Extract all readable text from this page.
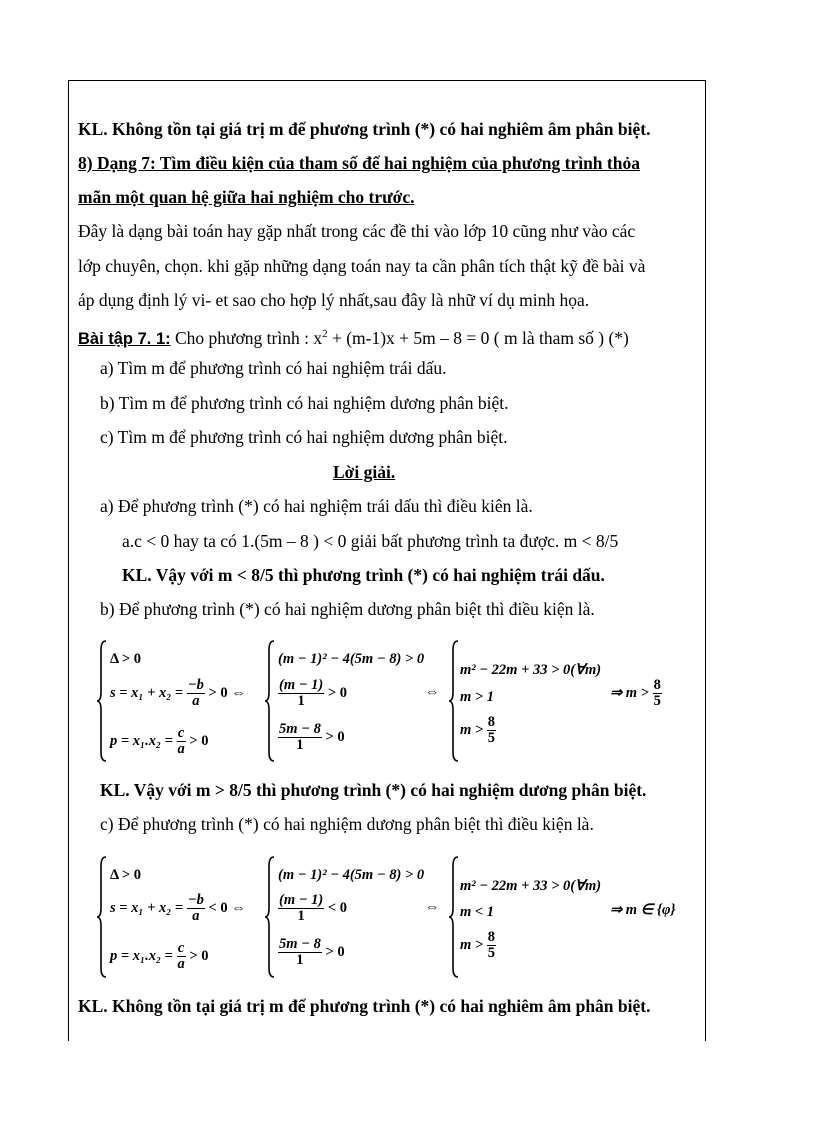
KL. Không tồn tại giá trị m để phương trình (*) có hai nghiêm âm phân biệt.
8) Dạng 7: Tìm điều kiện của tham số để hai nghiệm của phương trình thỏa
mãn một quan hệ giữa hai nghiệm cho trước.
Đây là dạng bài toán hay gặp nhất trong các đề thi vào lớp 10 cũng như vào các
lớp chuyên, chọn. khi gặp những dạng toán nay ta cần phân tích thật kỹ đề bài và
áp dụng định lý vi- et sao cho hợp lý nhất,sau đây là nhữ ví dụ minh họa.
Bài tập 7. 1: Cho phương trình : $x^2 + (m-1)x + 5m - 8 = 0$ ( m là tham số ) (*)
a) Tìm m để phương trình có hai nghiệm trái dấu.
b) Tìm m để phương trình có hai nghiệm dương phân biệt.
c) Tìm m để phương trình có hai nghiệm dương phân biệt.
Lời giải.
a) Để phương trình (*) có hai nghiệm trái dấu thì điều kiên là.
a.c < 0 hay ta có 1.(5m – 8 ) < 0 giải bất phương trình ta được. m < 8/5
KL. Vậy với m < 8/5 thì phương trình (*) có hai nghiệm trái dấu.
b) Để phương trình (*) có hai nghiệm dương phân biệt thì điều kiện là.
Δ > 0
$s = x_1 + x_2 = \frac{-b}{a} > 0$ ⇔
$p = x_1.x_2 = \frac{c}{a} > 0$
(m − 1)² − 4(5m − 8) > 0
$\frac{(m - 1)}{1} > 0$
$\frac{5m - 8}{1} > 0$
⇔
m² − 22m + 33 > 0(∀m)
m > 1
$m > \frac{8}{5}$
⇒ $m > \frac{8}{5}$
KL. Vậy với m > 8/5 thì phương trình (*) có hai nghiệm dương phân biệt.
c) Để phương trình (*) có hai nghiệm dương phân biệt thì điều kiện là.
Δ > 0
$s = x_1 + x_2 = \frac{-b}{a} < 0$ ⇔
$p = x_1.x_2 = \frac{c}{a} > 0$
(m − 1)² − 4(5m − 8) > 0
$\frac{(m - 1)}{1} < 0$
$\frac{5m - 8}{1} > 0$
⇔
m² − 22m + 33 > 0(∀m)
m < 1
$m > \frac{8}{5}$
⇒ m ∈ {φ}
KL. Không tồn tại giá trị m để phương trình (*) có hai nghiêm âm phân biệt.
